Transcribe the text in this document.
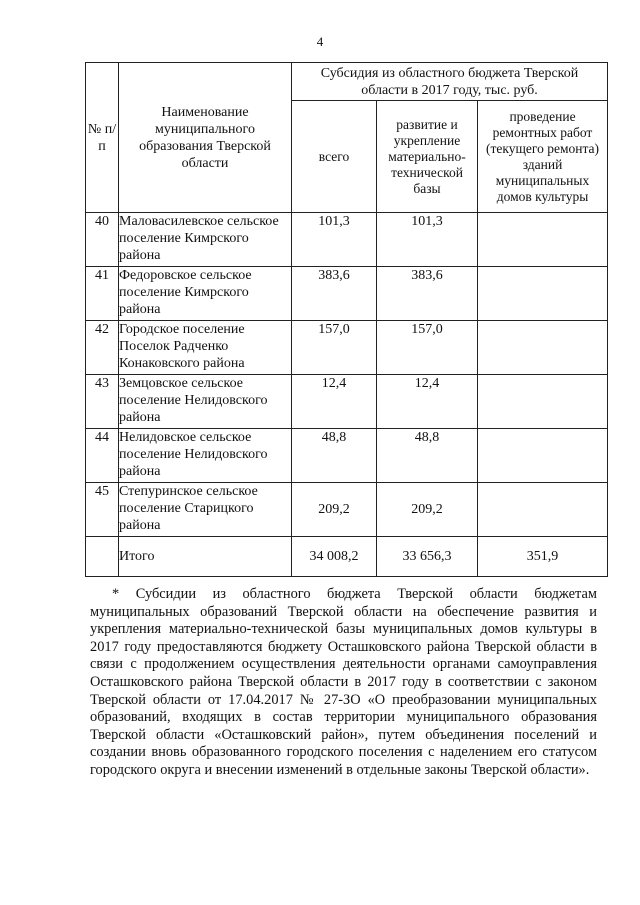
4
№ п/п	Наименование муниципального образования Тверской области	Субсидия из областного бюджета Тверской области в 2017 году, тыс. руб.		
		всего	развитие и укрепление материально-технической базы	проведение ремонтных работ (текущего ремонта) зданий муниципальных домов культуры
40	Маловасилевское сельское поселение Кимрского района	101,3	101,3	
41	Федоровское сельское поселение Кимрского района	383,6	383,6	
42	Городское поселение Поселок Радченко Конаковского района	157,0	157,0	
43	Земцовское сельское поселение Нелидовского района	12,4	12,4	
44	Нелидовское сельское поселение Нелидовского района	48,8	48,8	
45	Степуринское сельское поселение Старицкого района	209,2	209,2	
	Итого	34 008,2	33 656,3	351,9

* Субсидии из областного бюджета Тверской области бюджетам муниципальных образований Тверской области на обеспечение развития и укрепления материально-технической базы муниципальных домов культуры в 2017 году предоставляются бюджету Осташковского района Тверской области в связи с продолжением осуществления деятельности органами самоуправления Осташковского района Тверской области в 2017 году в соответствии с законом Тверской области от 17.04.2017 № 27-ЗО «О преобразовании муниципальных образований, входящих в состав территории муниципального образования Тверской области «Осташковский район», путем объединения поселений и создании вновь образованного городского поселения с наделением его статусом городского округа и внесении изменений в отдельные законы Тверской области».
